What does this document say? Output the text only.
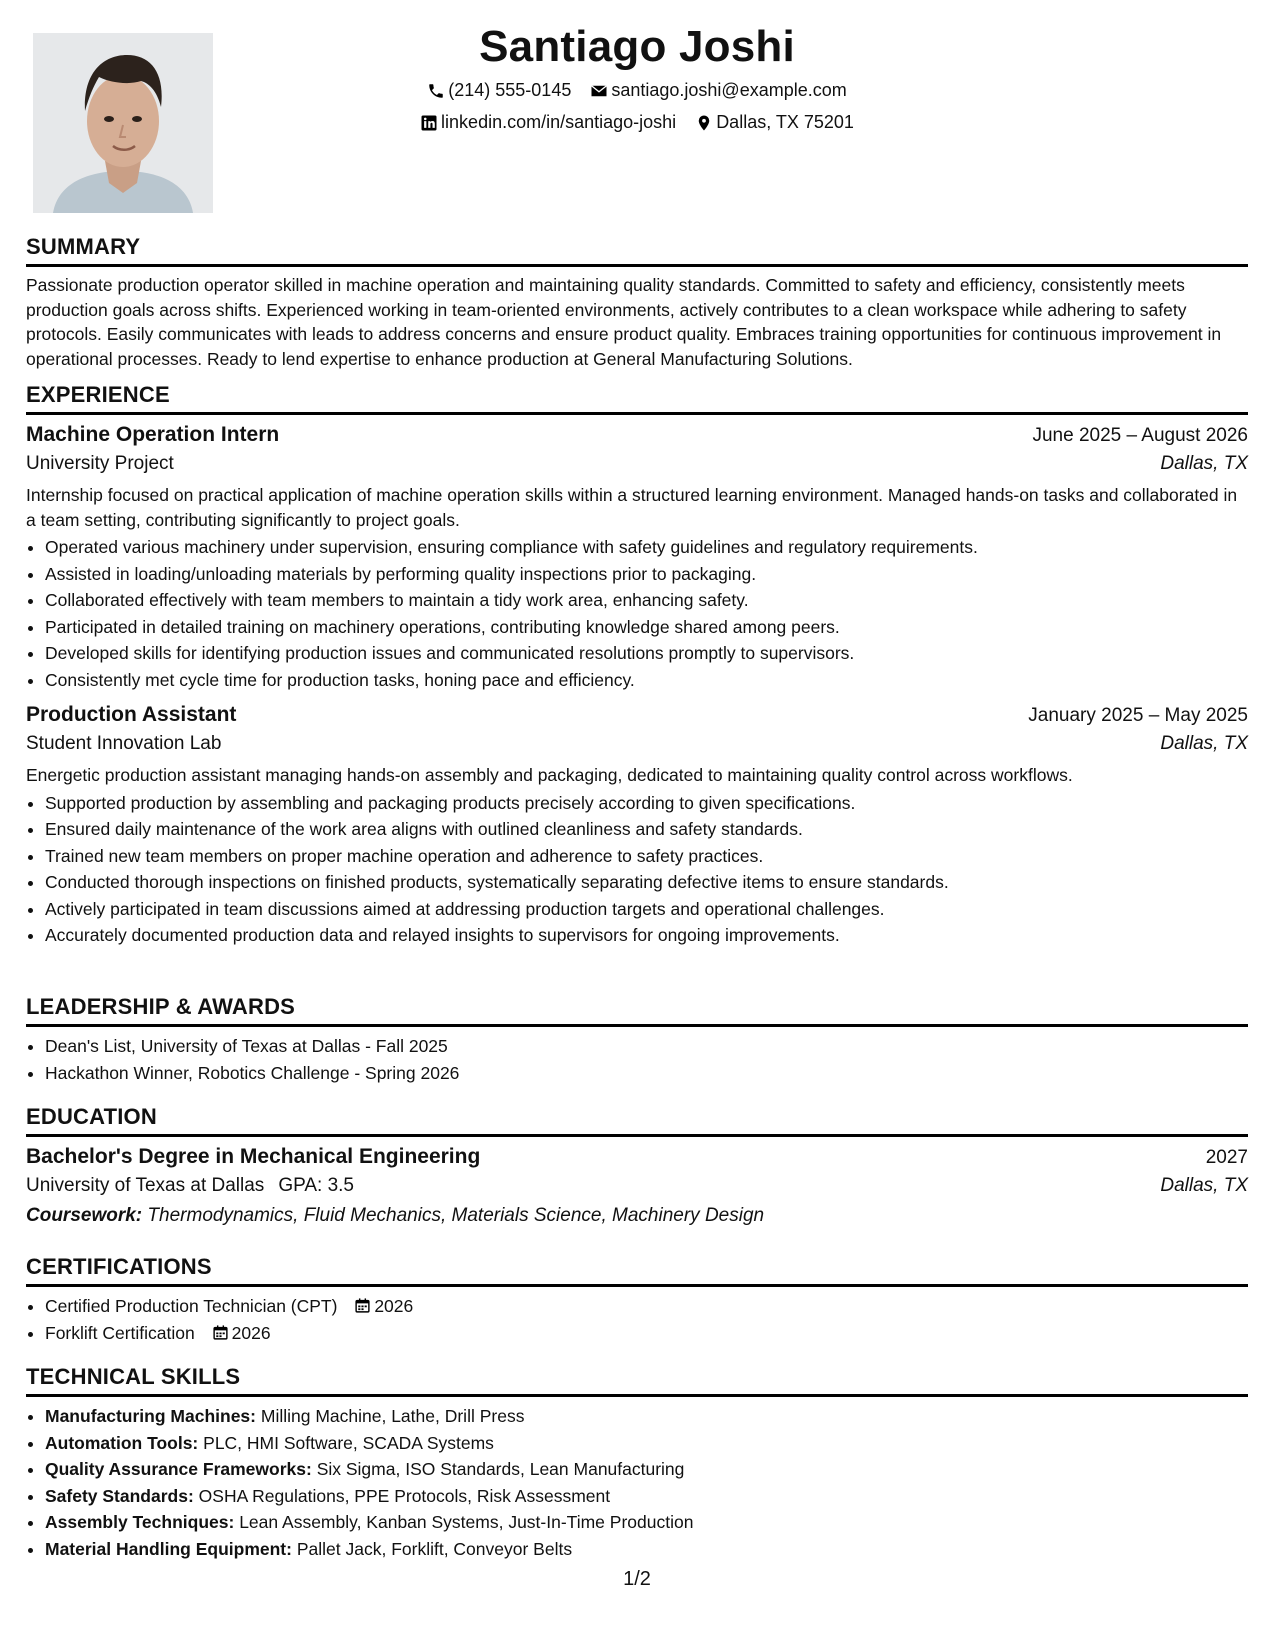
Santiago Joshi
(214) 555-0145
santiago.joshi@example.com
linkedin.com/in/santiago-joshi
Dallas, TX 75201
SUMMARY

Passionate production operator skilled in machine operation and maintaining quality standards. Committed to safety and efficiency, consistently meets production goals across shifts. Experienced working in team-oriented environments, actively contributes to a clean workspace while adhering to safety protocols. Easily communicates with leads to address concerns and ensure product quality. Embraces training opportunities for continuous improvement in operational processes. Ready to lend expertise to enhance production at General Manufacturing Solutions.

EXPERIENCE
Machine Operation Intern	June 2025 – August 2026
University Project	Dallas, TX

Internship focused on practical application of machine operation skills within a structured learning environment. Managed hands-on tasks and collaborated in a team setting, contributing significantly to project goals.

• Operated various machinery under supervision, ensuring compliance with safety guidelines and regulatory requirements.
• Assisted in loading/unloading materials by performing quality inspections prior to packaging.
• Collaborated effectively with team members to maintain a tidy work area, enhancing safety.
• Participated in detailed training on machinery operations, contributing knowledge shared among peers.
• Developed skills for identifying production issues and communicated resolutions promptly to supervisors.
• Consistently met cycle time for production tasks, honing pace and efficiency.
Production Assistant	January 2025 – May 2025
Student Innovation Lab	Dallas, TX

Energetic production assistant managing hands-on assembly and packaging, dedicated to maintaining quality control across workflows.

• Supported production by assembling and packaging products precisely according to given specifications.
• Ensured daily maintenance of the work area aligns with outlined cleanliness and safety standards.
• Trained new team members on proper machine operation and adherence to safety practices.
• Conducted thorough inspections on finished products, systematically separating defective items to ensure standards.
• Actively participated in team discussions aimed at addressing production targets and operational challenges.
• Accurately documented production data and relayed insights to supervisors for ongoing improvements.
LEADERSHIP & AWARDS
• Dean's List, University of Texas at Dallas - Fall 2025
• Hackathon Winner, Robotics Challenge - Spring 2026
EDUCATION
Bachelor's Degree in Mechanical Engineering	2027
University of Texas at Dallas GPA: 3.5	Dallas, TX
Coursework: Thermodynamics, Fluid Mechanics, Materials Science, Machinery Design
CERTIFICATIONS
• Certified Production Technician (CPT) 2026
• Forklift Certification 2026
TECHNICAL SKILLS
• Manufacturing Machines: Milling Machine, Lathe, Drill Press
• Automation Tools: PLC, HMI Software, SCADA Systems
• Quality Assurance Frameworks: Six Sigma, ISO Standards, Lean Manufacturing
• Safety Standards: OSHA Regulations, PPE Protocols, Risk Assessment
• Assembly Techniques: Lean Assembly, Kanban Systems, Just-In-Time Production
• Material Handling Equipment: Pallet Jack, Forklift, Conveyor Belts
1/2
